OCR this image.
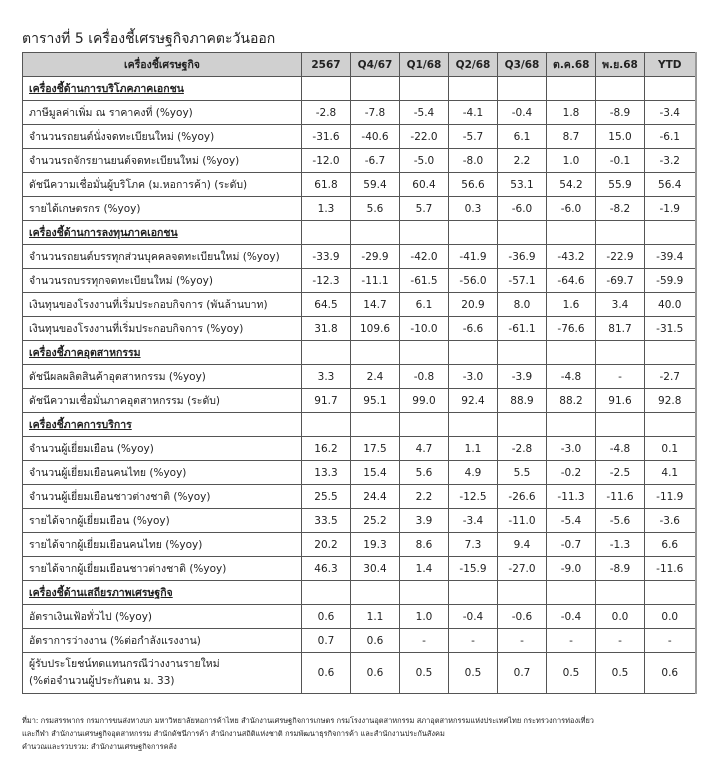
ตารางที่ 5 เครื่องชี้เศรษฐกิจภาคตะวันออก
เครื่องชี้เศรษฐกิจ	2567	Q4/67	Q1/68	Q2/68	Q3/68	ต.ค.68	พ.ย.68	YTD
เครื่องชี้ด้านการบริโภคภาคเอกชน								
ภาษีมูลค่าเพิ่ม ณ ราคาคงที่ (%yoy)	-2.8	-7.8	-5.4	-4.1	-0.4	1.8	-8.9	-3.4
จำนวนรถยนต์นั่งจดทะเบียนใหม่ (%yoy)	-31.6	-40.6	-22.0	-5.7	6.1	8.7	15.0	-6.1
จำนวนรถจักรยานยนต์จดทะเบียนใหม่ (%yoy)	-12.0	-6.7	-5.0	-8.0	2.2	1.0	-0.1	-3.2
ดัชนีความเชื่อมั่นผู้บริโภค (ม.หอการค้า) (ระดับ)	61.8	59.4	60.4	56.6	53.1	54.2	55.9	56.4
รายได้เกษตรกร (%yoy)	1.3	5.6	5.7	0.3	-6.0	-6.0	-8.2	-1.9
เครื่องชี้ด้านการลงทุนภาคเอกชน								
จำนวนรถยนต์บรรทุกส่วนบุคคลจดทะเบียนใหม่ (%yoy)	-33.9	-29.9	-42.0	-41.9	-36.9	-43.2	-22.9	-39.4
จำนวนรถบรรทุกจดทะเบียนใหม่ (%yoy)	-12.3	-11.1	-61.5	-56.0	-57.1	-64.6	-69.7	-59.9
เงินทุนของโรงงานที่เริ่มประกอบกิจการ (พันล้านบาท)	64.5	14.7	6.1	20.9	8.0	1.6	3.4	40.0
เงินทุนของโรงงานที่เริ่มประกอบกิจการ (%yoy)	31.8	109.6	-10.0	-6.6	-61.1	-76.6	81.7	-31.5
เครื่องชี้ภาคอุตสาหกรรม								
ดัชนีผลผลิตสินค้าอุตสาหกรรม (%yoy)	3.3	2.4	-0.8	-3.0	-3.9	-4.8	-	-2.7
ดัชนีความเชื่อมั่นภาคอุตสาหกรรม (ระดับ)	91.7	95.1	99.0	92.4	88.9	88.2	91.6	92.8
เครื่องชี้ภาคการบริการ								
จำนวนผู้เยี่ยมเยือน (%yoy)	16.2	17.5	4.7	1.1	-2.8	-3.0	-4.8	0.1
จำนวนผู้เยี่ยมเยือนคนไทย (%yoy)	13.3	15.4	5.6	4.9	5.5	-0.2	-2.5	4.1
จำนวนผู้เยี่ยมเยือนชาวต่างชาติ (%yoy)	25.5	24.4	2.2	-12.5	-26.6	-11.3	-11.6	-11.9
รายได้จากผู้เยี่ยมเยือน (%yoy)	33.5	25.2	3.9	-3.4	-11.0	-5.4	-5.6	-3.6
รายได้จากผู้เยี่ยมเยือนคนไทย (%yoy)	20.2	19.3	8.6	7.3	9.4	-0.7	-1.3	6.6
รายได้จากผู้เยี่ยมเยือนชาวต่างชาติ (%yoy)	46.3	30.4	1.4	-15.9	-27.0	-9.0	-8.9	-11.6
เครื่องชี้ด้านเสถียรภาพเศรษฐกิจ								
อัตราเงินเฟ้อทั่วไป (%yoy)	0.6	1.1	1.0	-0.4	-0.6	-0.4	0.0	0.0
อัตราการว่างงาน (%ต่อกำลังแรงงาน)	0.7	0.6	-	-	-	-	-	-

ผู้รับประโยชน์ทดแทนกรณีว่างงานรายใหม่
(%ต่อจำนวนผู้ประกันตน ม. 33)	0.6	0.6	0.5	0.5	0.7	0.5	0.5	0.6
ที่มา: กรมสรรพากร กรมการขนส่งทางบก มหาวิทยาลัยหอการค้าไทย สำนักงานเศรษฐกิจการเกษตร กรมโรงงานอุตสาหกรรม สภาอุตสาหกรรมแห่งประเทศไทย กระทรวงการท่องเที่ยว
และกีฬา สำนักงานเศรษฐกิจอุตสาหกรรม สำนักดัชนีการค้า สำนักงานสถิติแห่งชาติ กรมพัฒนาธุรกิจการค้า และสำนักงานประกันสังคม
คำนวณและรวบรวม: สำนักงานเศรษฐกิจการคลัง
